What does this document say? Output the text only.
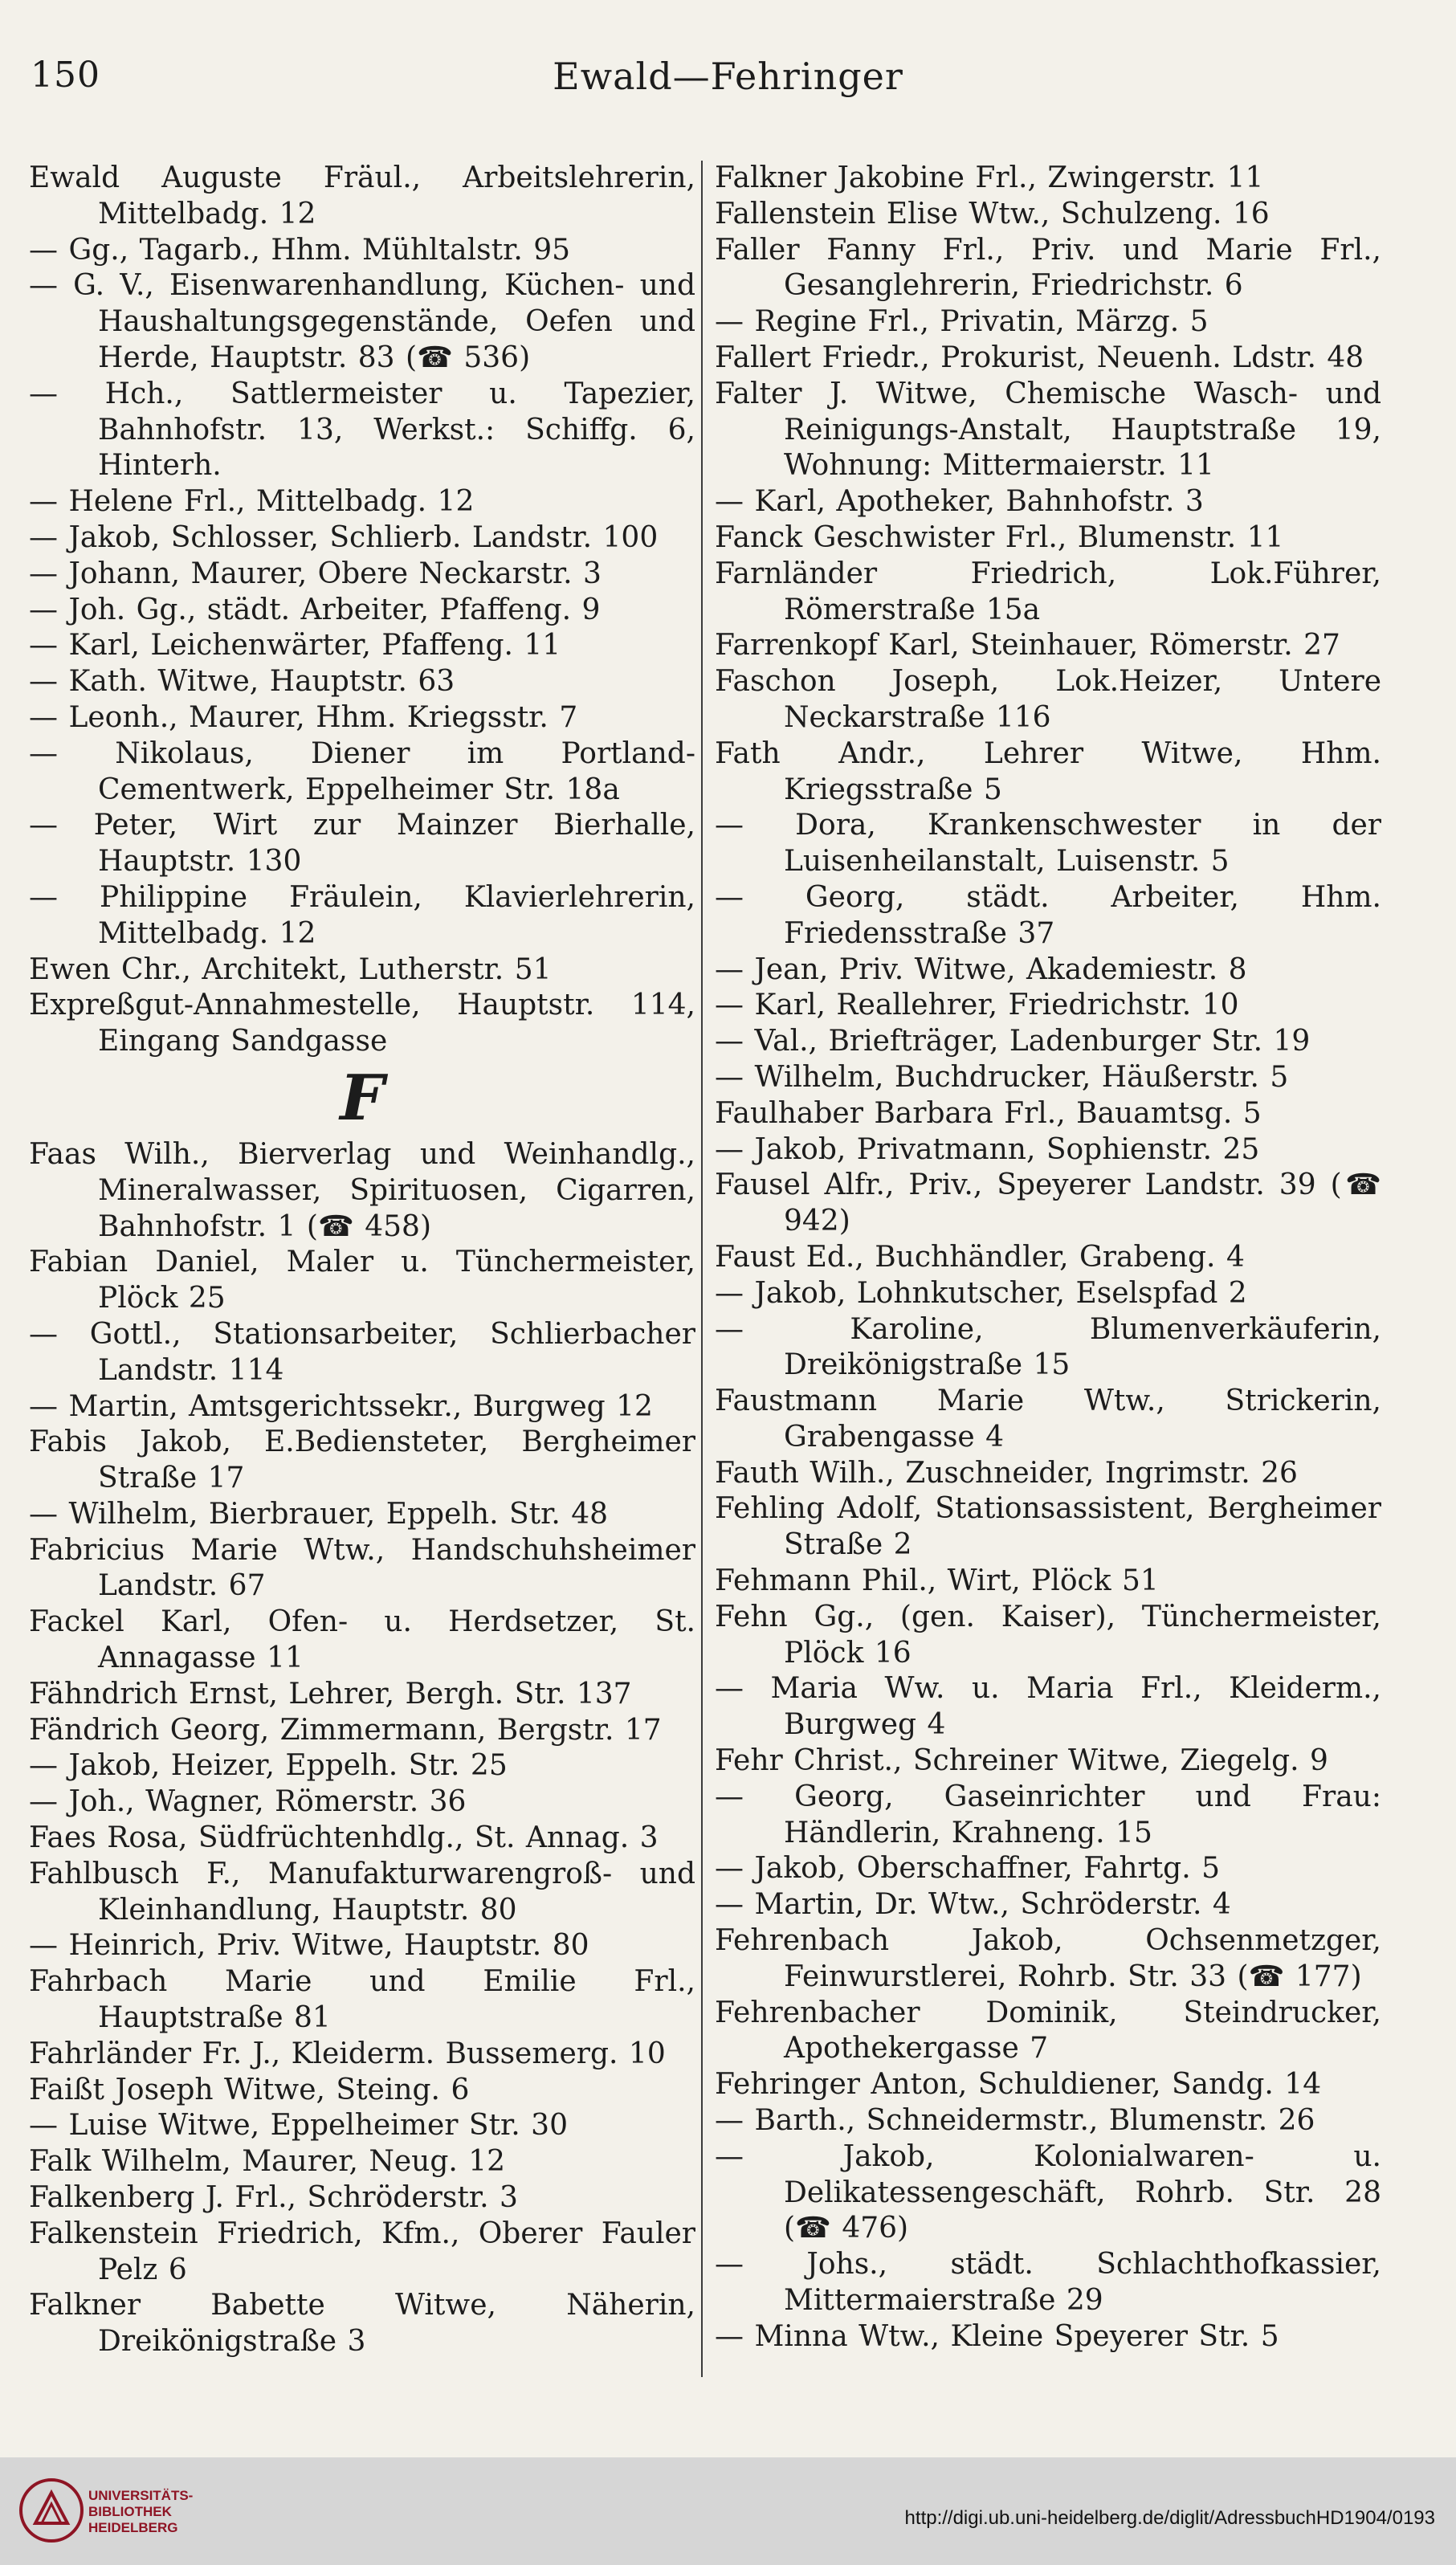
150	Ewald—Fehringer
Ewald Auguste Fräul., Arbeitslehrerin, Mittelbadg. 12
— Gg., Tagarb., Hhm. Mühltalstr. 95
— G. V., Eisenwarenhandlung, Küchen- und Haushaltungsgegenstände, Oefen und Herde, Hauptstr. 83 (☎ 536)
— Hch., Sattlermeister u. Tapezier, Bahnhofstr. 13, Werkst.: Schiffg. 6, Hinterh.
— Helene Frl., Mittelbadg. 12
— Jakob, Schlosser, Schlierb. Landstr. 100
— Johann, Maurer, Obere Neckarstr. 3
— Joh. Gg., städt. Arbeiter, Pfaffeng. 9
— Karl, Leichenwärter, Pfaffeng. 11
— Kath. Witwe, Hauptstr. 63
— Leonh., Maurer, Hhm. Kriegsstr. 7
— Nikolaus, Diener im Portland-Cementwerk, Eppelheimer Str. 18a
— Peter, Wirt zur Mainzer Bierhalle, Hauptstr. 130
— Philippine Fräulein, Klavierlehrerin, Mittelbadg. 12
Ewen Chr., Architekt, Lutherstr. 51
Expreßgut-Annahmestelle, Hauptstr. 114, Eingang Sandgasse
F
Faas Wilh., Bierverlag und Weinhandlg., Mineralwasser, Spirituosen, Cigarren, Bahnhofstr. 1 (☎ 458)
Fabian Daniel, Maler u. Tünchermeister, Plöck 25
— Gottl., Stationsarbeiter, Schlierbacher Landstr. 114
— Martin, Amtsgerichtssekr., Burgweg 12
Fabis Jakob, E.Bediensteter, Bergheimer Straße 17
— Wilhelm, Bierbrauer, Eppelh. Str. 48
Fabricius Marie Wtw., Handschuhsheimer Landstr. 67
Fackel Karl, Ofen- u. Herdsetzer, St. Annagasse 11
Fähndrich Ernst, Lehrer, Bergh. Str. 137
Fändrich Georg, Zimmermann, Bergstr. 17
— Jakob, Heizer, Eppelh. Str. 25
— Joh., Wagner, Römerstr. 36
Faes Rosa, Südfrüchtenhdlg., St. Annag. 3
Fahlbusch F., Manufakturwarengroß- und Kleinhandlung, Hauptstr. 80
— Heinrich, Priv. Witwe, Hauptstr. 80
Fahrbach Marie und Emilie Frl., Hauptstraße 81
Fahrländer Fr. J., Kleiderm. Bussemerg. 10
Faißt Joseph Witwe, Steing. 6
— Luise Witwe, Eppelheimer Str. 30
Falk Wilhelm, Maurer, Neug. 12
Falkenberg J. Frl., Schröderstr. 3
Falkenstein Friedrich, Kfm., Oberer Fauler Pelz 6
Falkner Babette Witwe, Näherin, Dreikönigstraße 3
Falkner Jakobine Frl., Zwingerstr. 11
Fallenstein Elise Wtw., Schulzeng. 16
Faller Fanny Frl., Priv. und Marie Frl., Gesanglehrerin, Friedrichstr. 6
— Regine Frl., Privatin, Märzg. 5
Fallert Friedr., Prokurist, Neuenh. Ldstr. 48
Falter J. Witwe, Chemische Wasch- und Reinigungs-Anstalt, Hauptstraße 19, Wohnung: Mittermaierstr. 11
— Karl, Apotheker, Bahnhofstr. 3
Fanck Geschwister Frl., Blumenstr. 11
Farnländer Friedrich, Lok.Führer, Römerstraße 15a
Farrenkopf Karl, Steinhauer, Römerstr. 27
Faschon Joseph, Lok.Heizer, Untere Neckarstraße 116
Fath Andr., Lehrer Witwe, Hhm. Kriegsstraße 5
— Dora, Krankenschwester in der Luisenheilanstalt, Luisenstr. 5
— Georg, städt. Arbeiter, Hhm. Friedensstraße 37
— Jean, Priv. Witwe, Akademiestr. 8
— Karl, Reallehrer, Friedrichstr. 10
— Val., Briefträger, Ladenburger Str. 19
— Wilhelm, Buchdrucker, Häußerstr. 5
Faulhaber Barbara Frl., Bauamtsg. 5
— Jakob, Privatmann, Sophienstr. 25
Fausel Alfr., Priv., Speyerer Landstr. 39 (☎ 942)
Faust Ed., Buchhändler, Grabeng. 4
— Jakob, Lohnkutscher, Eselspfad 2
— Karoline, Blumenverkäuferin, Dreikönigstraße 15
Faustmann Marie Wtw., Strickerin, Grabengasse 4
Fauth Wilh., Zuschneider, Ingrimstr. 26
Fehling Adolf, Stationsassistent, Bergheimer Straße 2
Fehmann Phil., Wirt, Plöck 51
Fehn Gg., (gen. Kaiser), Tünchermeister, Plöck 16
— Maria Ww. u. Maria Frl., Kleiderm., Burgweg 4
Fehr Christ., Schreiner Witwe, Ziegelg. 9
— Georg, Gaseinrichter und Frau: Händlerin, Krahneng. 15
— Jakob, Oberschaffner, Fahrtg. 5
— Martin, Dr. Wtw., Schröderstr. 4
Fehrenbach Jakob, Ochsenmetzger, Feinwurstlerei, Rohrb. Str. 33 (☎ 177)
Fehrenbacher Dominik, Steindrucker, Apothekergasse 7
Fehringer Anton, Schuldiener, Sandg. 14
— Barth., Schneidermstr., Blumenstr. 26
— Jakob, Kolonialwaren- u. Delikatessengeschäft, Rohrb. Str. 28 (☎ 476)
— Johs., städt. Schlachthofkassier, Mittermaierstraße 29
— Minna Wtw., Kleine Speyerer Str. 5
UNIVERSITÄTS-
BIBLIOTHEK
HEIDELBERG	http://digi.ub.uni-heidelberg.de/diglit/AdressbuchHD1904/0193
